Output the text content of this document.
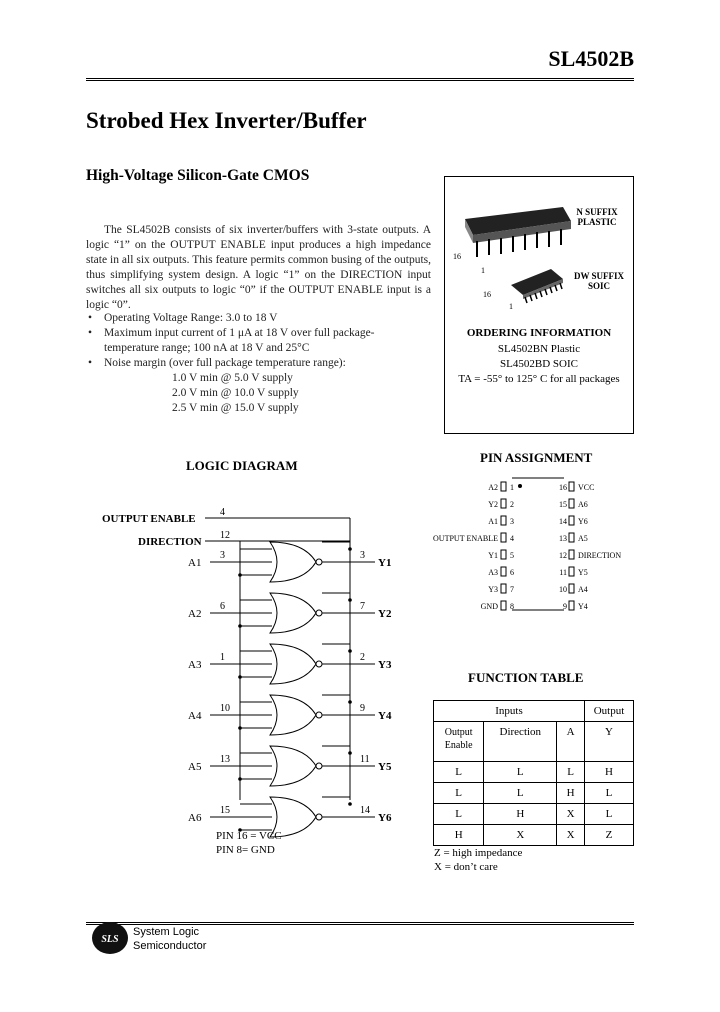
SL4502B
Strobed Hex Inverter/Buffer
High-Voltage Silicon-Gate CMOS

The SL4502B consists of six inverter/buffers with 3-state outputs. A logic “1” on the OUTPUT ENABLE input produces a high impedance state in all six outputs. This feature permits common busing of the outputs, thus simplifying system design. A logic “1” on the DIRECTION input switches all six outputs to logic “0” if the OUTPUT ENABLE input is a logic “0”.

• Operating Voltage Range: 3.0 to 18 V
• Maximum input current of 1 μA at 18 V over full package-
temperature range; 100 nA at 18 V and 25°C
• Noise margin (over full package temperature range):
1.0 V min @ 5.0 V supply
2.0 V min @ 10.0 V supply
2.5 V min @ 15.0 V supply
16
1
16
1
N SUFFIX
PLASTIC
DW SUFFIX
SOIC
ORDERING INFORMATION
SL4502BN Plastic
SL4502BD SOIC
TA = -55° to 125° C for all packages
LOGIC DIAGRAM
PIN ASSIGNMENT
OUTPUT ENABLE
DIRECTION
4
12
A1
3	3
Y1
A2
6	7
Y2
A3
1	2
Y3
A4
10	9
Y4
A5
13	11
Y5
A6
15	14
Y6
PIN 16 = VCC
PIN 8= GND
A2 1	16 VCC
Y2 2	15 A6
A1 3	14 Y6
OUTPUT ENABLE 4	13 A5
Y1 5	12 DIRECTION
A3 6	11 Y5
Y3 7	10 A4
GND 8	9 Y4
FUNCTION TABLE
Inputs			Output
Output Enable	Direction	A	Y
L	L	L	H
L	L	H	L
L	H	X	L
H	X	X	Z
Z = high impedance
X = don’t care
SLS
System Logic
Semiconductor
